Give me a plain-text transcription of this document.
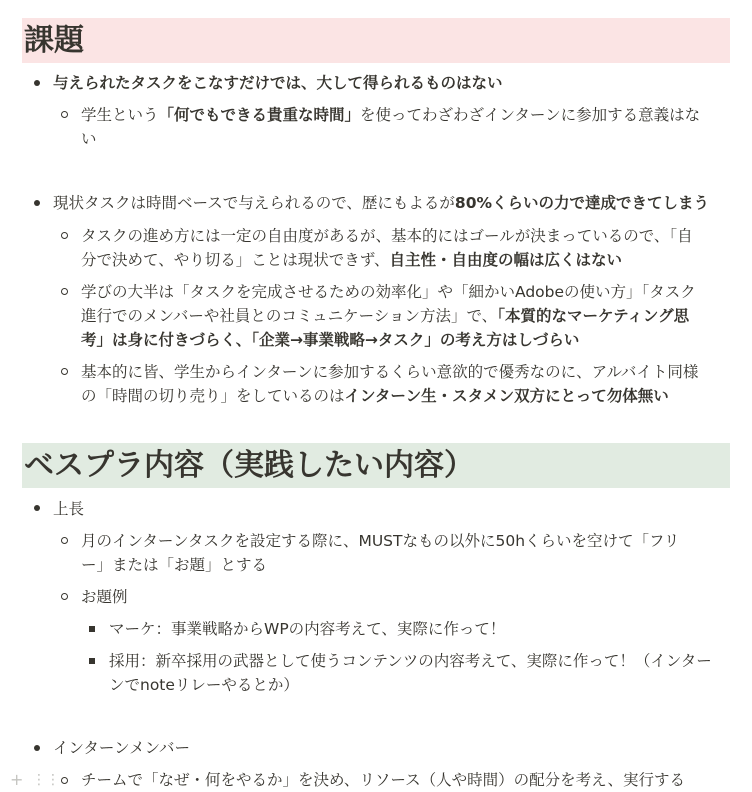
課題
与えられたタスクをこなすだけでは、大して得られるものはない
学生という「何でもできる貴重な時間」を使ってわざわざインターンに参加する意義はな
い
現状タスクは時間ベースで与えられるので、歴にもよるが80%くらいの力で達成できてしまう
タスクの進め方には一定の自由度があるが、基本的にはゴールが決まっているので、「自
分で決めて、やり切る」ことは現状できず、自主性・自由度の幅は広くはない
学びの大半は「タスクを完成させるための効率化」や「細かいAdobeの使い方」「タスク
進行でのメンバーや社員とのコミュニケーション方法」で、「本質的なマーケティング思
考」は身に付きづらく、「企業→事業戦略→タスク」の考え方はしづらい
基本的に皆、学生からインターンに参加するくらい意欲的で優秀なのに、アルバイト同様
の「時間の切り売り」をしているのはインターン生・スタメン双方にとって勿体無い
ベスプラ内容（実践したい内容）
上長
月のインターンタスクを設定する際に、MUSTなもの以外に50hくらいを空けて「フリ
ー」または「お題」とする
お題例
マーケ：事業戦略からWPの内容考えて、実際に作って！
採用：新卒採用の武器として使うコンテンツの内容考えて、実際に作って！（インター
ンでnoteリレーやるとか）
インターンメンバー
+ ⋮⋮ チームで「なぜ・何をやるか」を決め、リソース（人や時間）の配分を考え、実行する
